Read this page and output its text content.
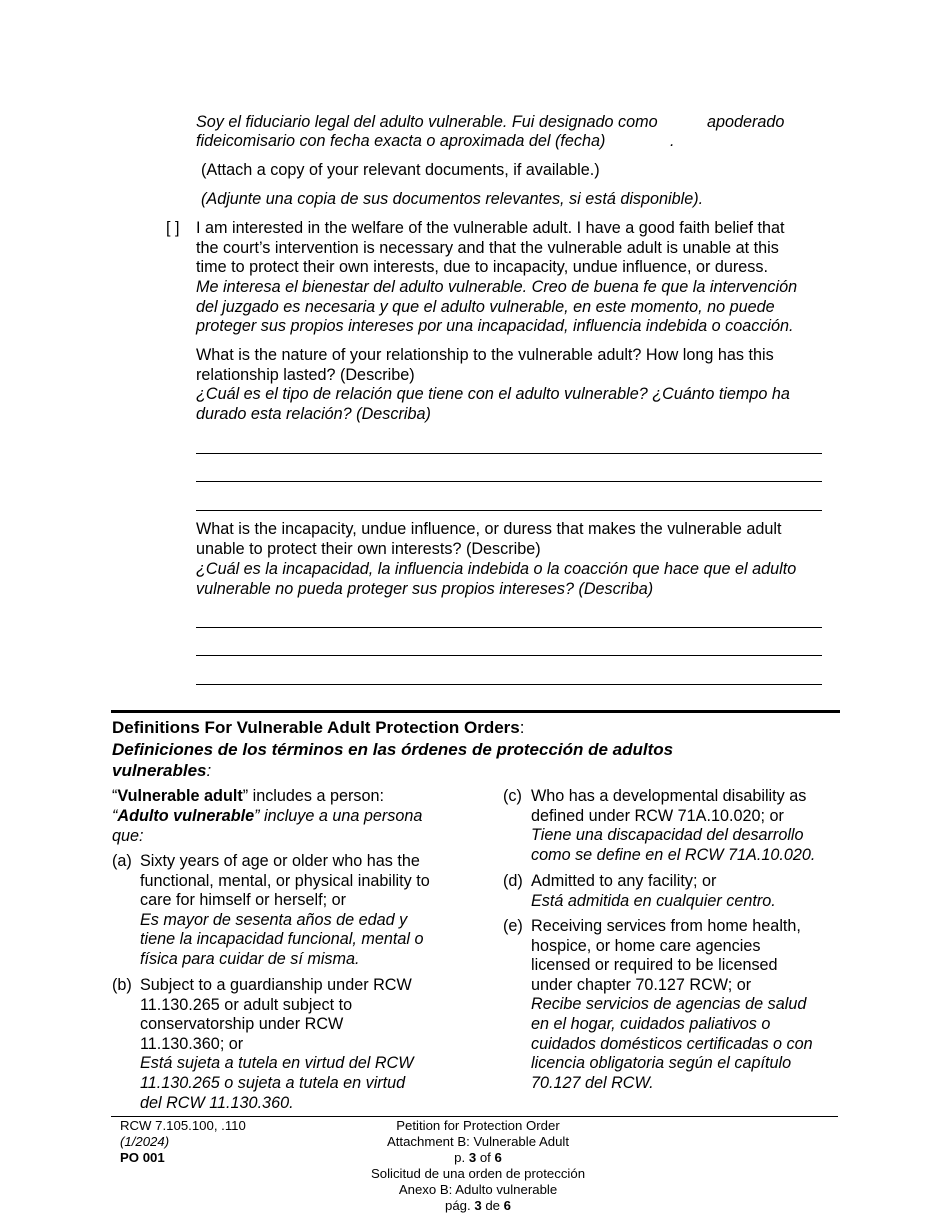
Soy el fiduciario legal del adulto vulnerable. Fui designado como	apoderado
fideicomisario con fecha exacta o aproximada del (fecha)	.
(Attach a copy of your relevant documents, if available.)
(Adjunte una copia de sus documentos relevantes, si está disponible).
[ ] I am interested in the welfare of the vulnerable adult. I have a good faith belief that
the court’s intervention is necessary and that the vulnerable adult is unable at this
time to protect their own interests, due to incapacity, undue influence, or duress.
Me interesa el bienestar del adulto vulnerable. Creo de buena fe que la intervención
del juzgado es necesaria y que el adulto vulnerable, en este momento, no puede
proteger sus propios intereses por una incapacidad, influencia indebida o coacción.
What is the nature of your relationship to the vulnerable adult? How long has this
relationship lasted? (Describe)
¿Cuál es el tipo de relación que tiene con el adulto vulnerable? ¿Cuánto tiempo ha
durado esta relación? (Describa)
What is the incapacity, undue influence, or duress that makes the vulnerable adult
unable to protect their own interests? (Describe)
¿Cuál es la incapacidad, la influencia indebida o la coacción que hace que el adulto
vulnerable no pueda proteger sus propios intereses? (Describa)
Definitions For Vulnerable Adult Protection Orders:
Definiciones de los términos en las órdenes de protección de adultos
vulnerables:
“Vulnerable adult” includes a person:
“Adulto vulnerable” incluye a una persona
que:
(a) Sixty years of age or older who has the
functional, mental, or physical inability to
care for himself or herself; or
Es mayor de sesenta años de edad y
tiene la incapacidad funcional, mental o
física para cuidar de sí misma.
(b) Subject to a guardianship under RCW
11.130.265 or adult subject to
conservatorship under RCW
11.130.360; or
Está sujeta a tutela en virtud del RCW
11.130.265 o sujeta a tutela en virtud
del RCW 11.130.360.
(c) Who has a developmental disability as
defined under RCW 71A.10.020; or
Tiene una discapacidad del desarrollo
como se define en el RCW 71A.10.020.
(d) Admitted to any facility; or
Está admitida en cualquier centro.
(e) Receiving services from home health,
hospice, or home care agencies
licensed or required to be licensed
under chapter 70.127 RCW; or
Recibe servicios de agencias de salud
en el hogar, cuidados paliativos o
cuidados domésticos certificadas o con
licencia obligatoria según el capítulo
70.127 del RCW.
RCW 7.105.100, .110
(1/2024)
PO 001
Petition for Protection Order
Attachment B: Vulnerable Adult
p. 3 of 6
Solicitud de una orden de protección
Anexo B: Adulto vulnerable
pág. 3 de 6
